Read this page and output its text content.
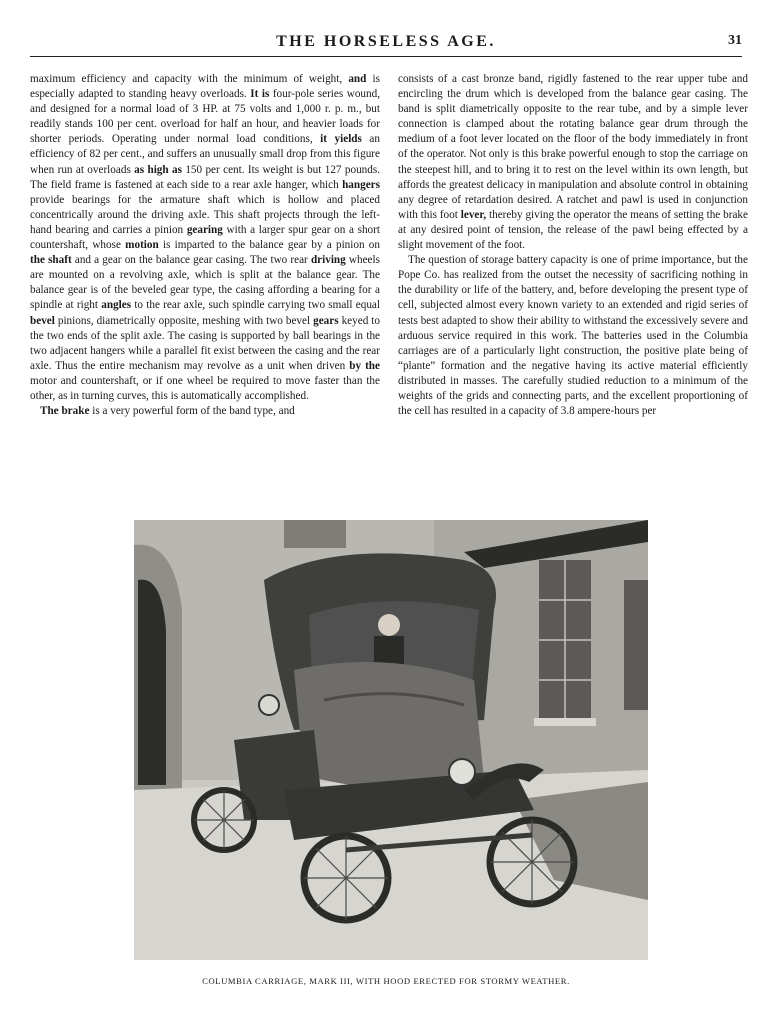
THE HORSELESS AGE.	31

maximum efficiency and capacity with the minimum of weight, and is especially adapted to standing heavy overloads. It is four-pole series wound, and designed for a normal load of 3 HP. at 75 volts and 1,000 r. p. m., but readily stands 100 per cent. overload for half an hour, and heavier loads for shorter periods. Operating under normal load conditions, it yields an efficiency of 82 per cent., and suffers an unusually small drop from this figure when run at overloads as high as 150 per cent. Its weight is but 127 pounds. The field frame is fastened at each side to a rear axle hanger, which hangers provide bearings for the armature shaft which is hollow and placed concentrically around the driving axle. This shaft projects through the left-hand bearing and carries a pinion gearing with a larger spur gear on a short countershaft, whose motion is imparted to the balance gear by a pinion on the shaft and a gear on the balance gear casing. The two rear driving wheels are mounted on a revolving axle, which is split at the balance gear. The balance gear is of the beveled gear type, the casing affording a bearing for a spindle at right angles to the rear axle, such spindle carrying two small equal bevel pinions, diametrically opposite, meshing with two bevel gears keyed to the two ends of the split axle. The casing is supported by ball bearings in the two adjacent hangers while a parallel fit exist between the casing and the rear axle. Thus the entire mechanism may revolve as a unit when driven by the motor and countershaft, or if one wheel be required to move faster than the other, as in turning curves, this is automatically accomplished.

The brake is a very powerful form of the band type, and

consists of a cast bronze band, rigidly fastened to the rear upper tube and encircling the drum which is developed from the balance gear casing. The band is split diametrically opposite to the rear tube, and by a simple lever connection is clamped about the rotating balance gear drum through the medium of a foot lever located on the floor of the body immediately in front of the operator. Not only is this brake powerful enough to stop the carriage on the steepest hill, and to bring it to rest on the level within its own length, but affords the greatest delicacy in manipulation and absolute control in obtaining any degree of retardation desired. A ratchet and pawl is used in conjunction with this foot lever, thereby giving the operator the means of setting the brake at any desired point of tension, the release of the pawl being effected by a slight movement of the foot.

The question of storage battery capacity is one of prime importance, but the Pope Co. has realized from the outset the necessity of sacrificing nothing in the durability or life of the battery, and, before developing the present type of cell, subjected almost every known variety to an extended and rigid series of tests best adapted to show their ability to withstand the excessively severe and arduous service required in this work. The batteries used in the Columbia carriages are of a particularly light construction, the positive plate being of “plante” formation and the negative having its active material efficiently distributed in masses. The carefully studied reduction to a minimum of the weights of the grids and connecting parts, and the excellent proportioning of the cell has resulted in a capacity of 3.8 ampere-hours per

COLUMBIA CARRIAGE, MARK III, WITH HOOD ERECTED FOR STORMY WEATHER.
